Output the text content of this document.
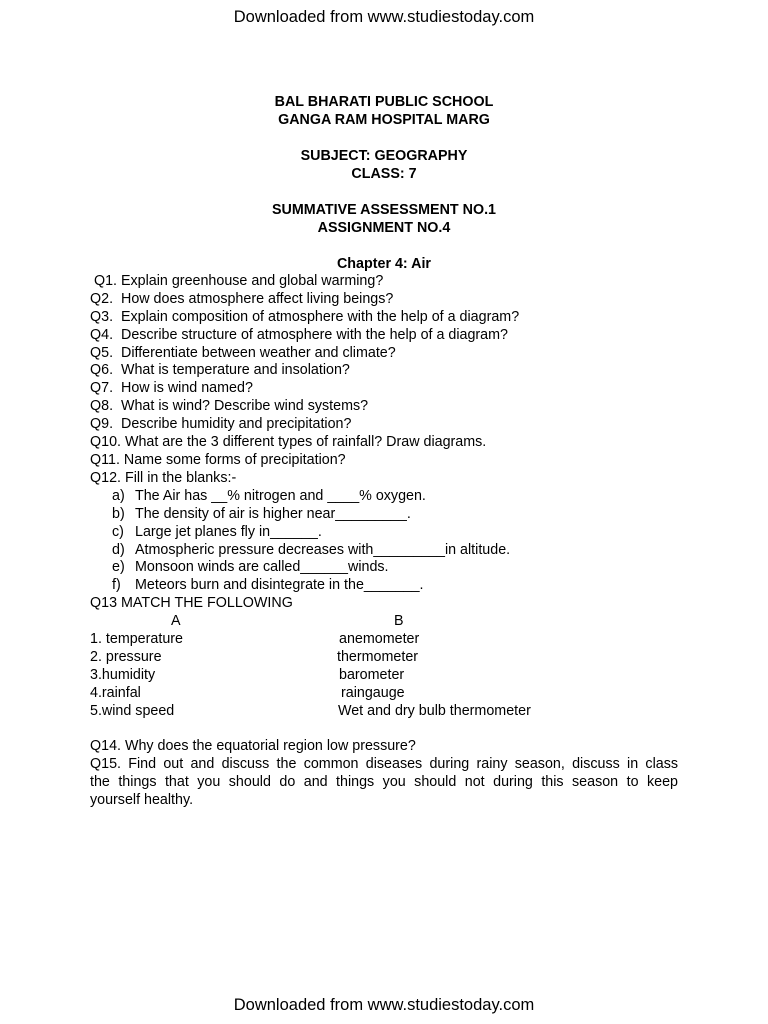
Downloaded from www.studiestoday.com
BAL BHARATI PUBLIC SCHOOL
GANGA RAM HOSPITAL MARG
SUBJECT: GEOGRAPHY
CLASS: 7
SUMMATIVE ASSESSMENT NO.1
ASSIGNMENT NO.4
Chapter 4: Air
Q1. Explain greenhouse and global warming?
Q2.  How does atmosphere affect living beings?
Q3.  Explain composition of atmosphere with the help of a diagram?
Q4.  Describe structure of atmosphere with the help of a diagram?
Q5.  Differentiate between weather and climate?
Q6.  What is temperature and insolation?
Q7.  How is wind named?
Q8.  What is wind? Describe wind systems?
Q9.  Describe humidity and precipitation?
Q10. What are the 3 different types of rainfall? Draw diagrams.
Q11. Name some forms of precipitation?
Q12. Fill in the blanks:-
a) The Air has __% nitrogen and ____% oxygen.
b) The density of air is higher near_________.
c) Large jet planes fly in______.
d) Atmospheric pressure decreases with_________in altitude.
e) Monsoon winds are called______winds.
f) Meteors burn and disintegrate in the_______.
Q13 MATCH THE FOLLOWING
A	B
1. temperature	anemometer
2. pressure	thermometer
3.humidity	barometer
4.rainfal	raingauge
5.wind speed	Wet and dry bulb thermometer
Q14. Why does the equatorial region low pressure?
Q15. Find out and discuss the common diseases during rainy season, discuss in class
the things that you should do and things you should not during this season to keep
yourself healthy.
Downloaded from www.studiestoday.com
